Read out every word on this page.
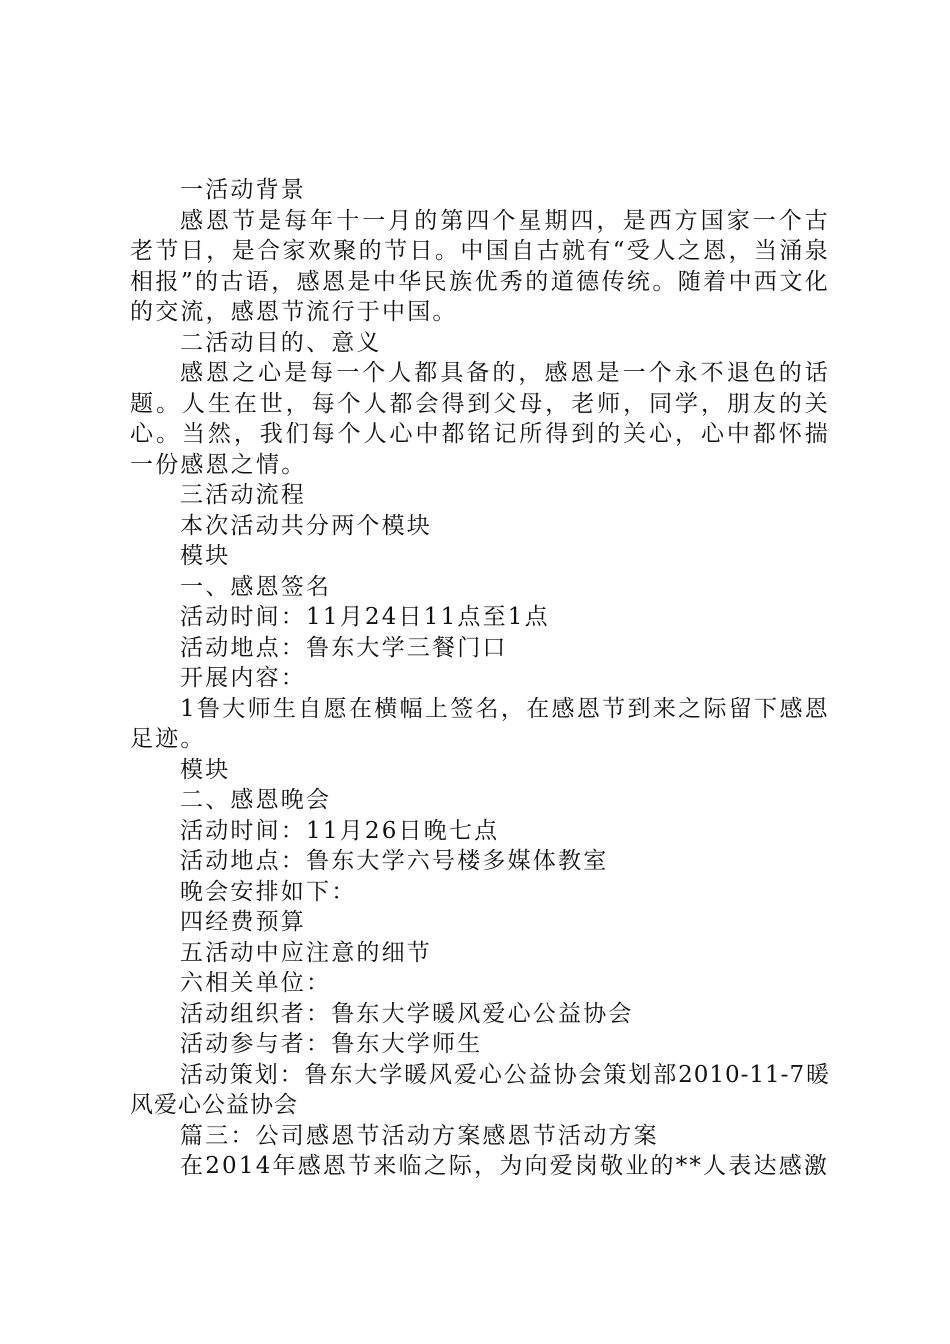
一活动背景

感恩节是每年十一月的第四个星期四，是西方国家一个古老节日，是合家欢聚的节日。中国自古就有“受人之恩，当涌泉相报”的古语，感恩是中华民族优秀的道德传统。随着中西文化的交流，感恩节流行于中国。

二活动目的、意义

感恩之心是每一个人都具备的，感恩是一个永不退色的话题。人生在世，每个人都会得到父母，老师，同学，朋友的关心。当然，我们每个人心中都铭记所得到的关心，心中都怀揣一份感恩之情。

三活动流程

本次活动共分两个模块

模块

一、感恩签名

活动时间：11月24日11点至1点

活动地点：鲁东大学三餐门口

开展内容：

1鲁大师生自愿在横幅上签名，在感恩节到来之际留下感恩足迹。

模块

二、感恩晚会

活动时间：11月26日晚七点

活动地点：鲁东大学六号楼多媒体教室

晚会安排如下：

四经费预算

五活动中应注意的细节

六相关单位：

活动组织者：鲁东大学暖风爱心公益协会

活动参与者：鲁东大学师生

活动策划：鲁东大学暖风爱心公益协会策划部2010-11-7暖风爱心公益协会

篇三：公司感恩节活动方案感恩节活动方案

在2014年感恩节来临之际，为向爱岗敬业的**人表达感激
